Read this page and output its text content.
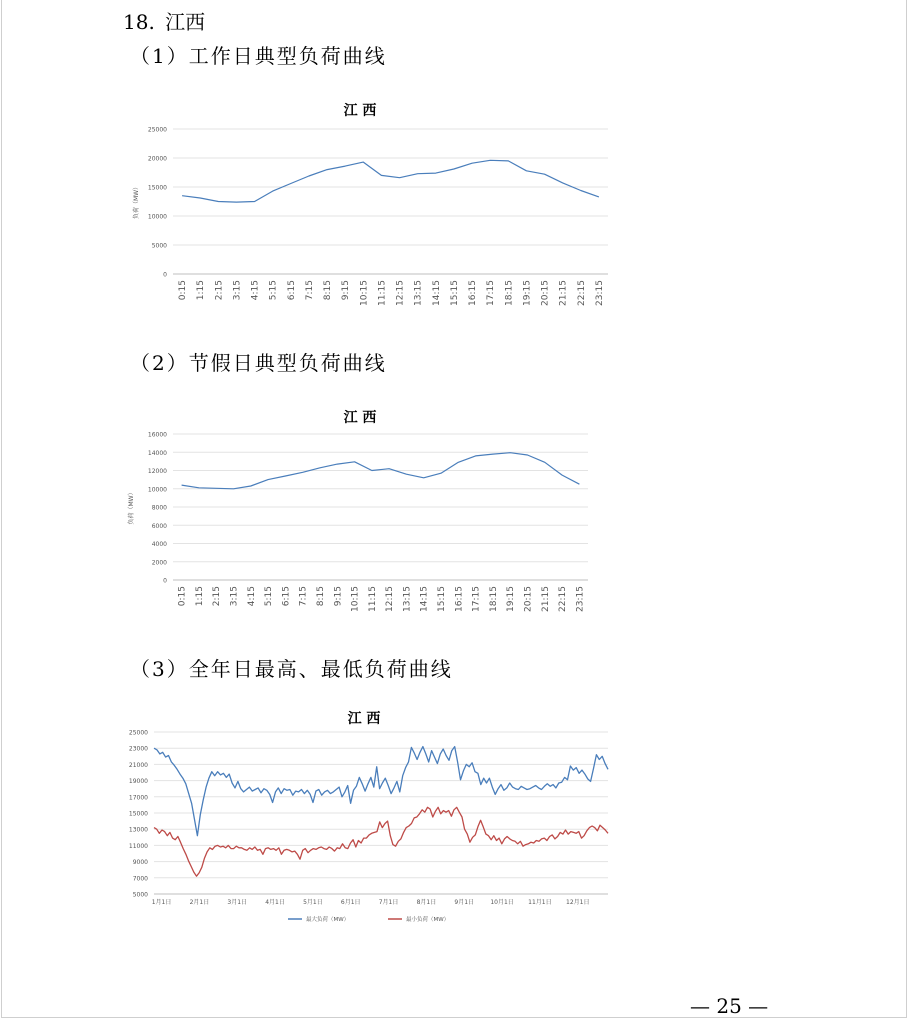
18. 江西
（1）工作日典型负荷曲线
江 西
0
5000
10000
15000
20000
25000
负荷（MW）
0:15 1:15 2:15 3:15 4:15 5:15 6:15 7:15 8:15 9:15 10:15 11:15 12:15 13:15 14:15 15:15 16:15 17:15 18:15 19:15 20:15 21:15 22:15 23:15
（2）节假日典型负荷曲线
江 西
0
2000
4000
6000
8000
10000
12000
14000
16000
负荷（MW）
0:15 1:15 2:15 3:15 4:15 5:15 6:15 7:15 8:15 9:15 10:15 11:15 12:15 13:15 14:15 15:15 16:15 17:15 18:15 19:15 20:15 21:15 22:15 23:15
（3）全年日最高、最低负荷曲线
江 西
5000
7000
9000
11000
13000
15000
17000
19000
21000
23000
25000
1月1日	2月1日	3月1日	4月1日	5月1日	6月1日	7月1日	8月1日	9月1日	10月1日 11月1日 12月1日
最大负荷（MW）	最小负荷（MW）
— 25 —
